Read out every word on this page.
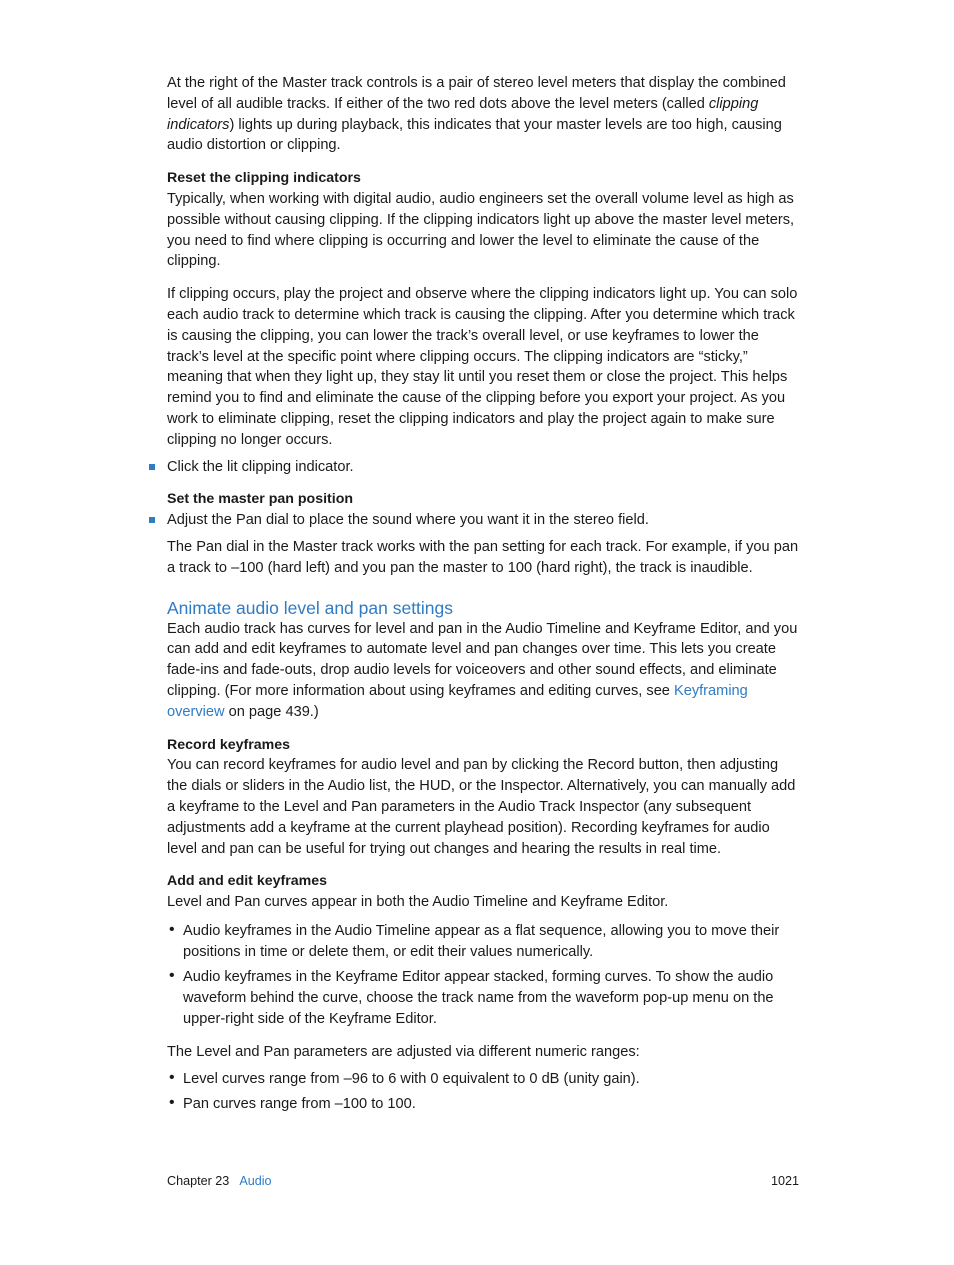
At the right of the Master track controls is a pair of stereo level meters that display the combined level of all audible tracks. If either of the two red dots above the level meters (called clipping indicators) lights up during playback, this indicates that your master levels are too high, causing audio distortion or clipping.

Reset the clipping indicators

Typically, when working with digital audio, audio engineers set the overall volume level as high as possible without causing clipping. If the clipping indicators light up above the master level meters, you need to find where clipping is occurring and lower the level to eliminate the cause of the clipping.

If clipping occurs, play the project and observe where the clipping indicators light up. You can solo each audio track to determine which track is causing the clipping. After you determine which track is causing the clipping, you can lower the track’s overall level, or use keyframes to lower the track’s level at the specific point where clipping occurs. The clipping indicators are “sticky,” meaning that when they light up, they stay lit until you reset them or close the project. This helps remind you to find and eliminate the cause of the clipping before you export your project. As you work to eliminate clipping, reset the clipping indicators and play the project again to make sure clipping no longer occurs.

Click the lit clipping indicator.

Set the master pan position

Adjust the Pan dial to place the sound where you want it in the stereo field.

The Pan dial in the Master track works with the pan setting for each track. For example, if you pan a track to –100 (hard left) and you pan the master to 100 (hard right), the track is inaudible.

Animate audio level and pan settings

Each audio track has curves for level and pan in the Audio Timeline and Keyframe Editor, and you can add and edit keyframes to automate level and pan changes over time. This lets you create fade-ins and fade-outs, drop audio levels for voiceovers and other sound effects, and eliminate clipping. (For more information about using keyframes and editing curves, see Keyframing overview on page 439.)

Record keyframes

You can record keyframes for audio level and pan by clicking the Record button, then adjusting the dials or sliders in the Audio list, the HUD, or the Inspector. Alternatively, you can manually add a keyframe to the Level and Pan parameters in the Audio Track Inspector (any subsequent adjustments add a keyframe at the current playhead position). Recording keyframes for audio level and pan can be useful for trying out changes and hearing the results in real time.

Add and edit keyframes

Level and Pan curves appear in both the Audio Timeline and Keyframe Editor.

• Audio keyframes in the Audio Timeline appear as a flat sequence, allowing you to move their positions in time or delete them, or edit their values numerically.

• Audio keyframes in the Keyframe Editor appear stacked, forming curves. To show the audio waveform behind the curve, choose the track name from the waveform pop-up menu on the upper-right side of the Keyframe Editor.

The Level and Pan parameters are adjusted via different numeric ranges:

• Level curves range from –96 to 6 with 0 equivalent to 0 dB (unity gain).

• Pan curves range from –100 to 100.

Chapter 23 Audio	1021
